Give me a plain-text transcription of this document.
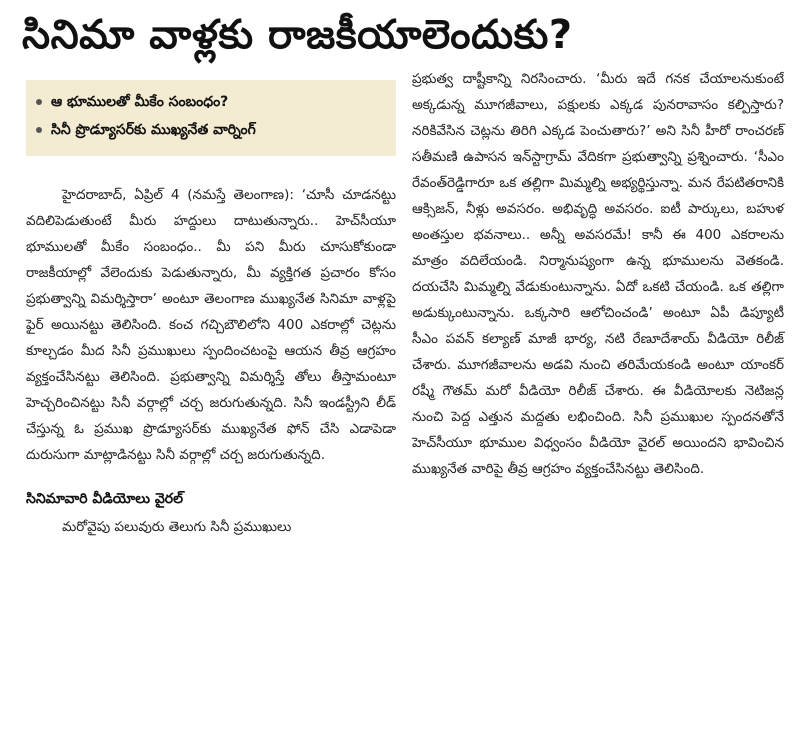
సినిమా వాళ్లకు రాజకీయాలెందుకు?
ఆ భూములతో మీకేం సంబంధం?
సినీ ప్రొడ్యూసర్‌కు ముఖ్యనేత వార్నింగ్

హైదరాబాద్, ఏప్రిల్ 4 (నమస్తే తెలంగాణ): ‘చూసీ చూడనట్టు వదిలిపెడుతుంటే మీరు హద్దులు దాటుతున్నారు.. హెచ్‌సీయూ భూములతో మీకేం సంబంధం.. మీ పని మీరు చూసుకోకుండా రాజకీయాల్లో వేలెందుకు పెడుతున్నారు, మీ వ్యక్తిగత ప్రచారం కోసం ప్రభుత్వాన్ని విమర్శిస్తారా’ అంటూ తెలంగాణ ముఖ్యనేత సినిమా వాళ్లపై ఫైర్ అయినట్టు తెలిసింది. కంచ గచ్చిబౌలిలోని 400 ఎకరాల్లో చెట్లను కూల్చడం మీద సినీ ప్రముఖులు స్పందించటంపై ఆయన తీవ్ర ఆగ్రహం వ్యక్తంచేసినట్టు తెలిసింది. ప్రభుత్వాన్ని విమర్శిస్తే తోలు తీస్తామంటూ హెచ్చరించినట్టు సినీ వర్గాల్లో చర్చ జరుగుతున్నది. సినీ ఇండస్ట్రీని లీడ్ చేస్తున్న ఓ ప్రముఖ ప్రొడ్యూసర్‌కు ముఖ్యనేత ఫోన్ చేసి ఎడాపెడా దురుసుగా మాట్లాడినట్టు సినీ వర్గాల్లో చర్చ జరుగుతున్నది.

సినిమావారి వీడియోలు వైరల్

మరోవైపు పలువురు తెలుగు సినీ ప్రముఖులు

ప్రభుత్వ దాష్టీకాన్ని నిరసించారు. ‘మీరు ఇదే గనక చేయాలనుకుంటే అక్కడున్న మూగజీవాలు, పక్షులకు ఎక్కడ పునరావాసం కల్పిస్తారు? నరికివేసిన చెట్లను తిరిగి ఎక్కడ పెంచుతారు?’ అని సినీ హీరో రాంచరణ్ సతీమణి ఉపాసన ఇన్‌స్టాగ్రామ్ వేదికగా ప్రభుత్వాన్ని ప్రశ్నించారు. ‘సీఎం రేవంత్‌రెడ్డిగారూ ఒక తల్లిగా మిమ్మల్ని అభ్యర్థిస్తున్నా. మన రేపటితరానికి ఆక్సిజన్, నీళ్లు అవసరం. అభివృద్ధి అవసరం. ఐటీ పార్కులు, బహుళ అంతస్తుల భవనాలు.. అన్నీ అవసరమే! కానీ ఈ 400 ఎకరాలను మాత్రం వదిలేయండి. నిర్మానుష్యంగా ఉన్న భూములను వెతకండి. దయచేసి మిమ్మల్ని వేడుకుంటున్నాను. ఏదో ఒకటి చేయండి. ఒక తల్లిగా అడుక్కుంటున్నాను. ఒక్కసారి ఆలోచించండి’ అంటూ ఏపీ డిప్యూటీ సీఎం పవన్ కల్యాణ్ మాజీ భార్య, నటి రేణూదేశాయ్ వీడియో రిలీజ్ చేశారు. మూగజీవాలను అడవి నుంచి తరిమేయకండి అంటూ యాంకర్ రష్మీ గౌతమ్ మరో వీడియో రిలీజ్ చేశారు. ఈ వీడియోలకు నెటిజన్ల నుంచి పెద్ద ఎత్తున మద్దతు లభించింది. సినీ ప్రముఖుల స్పందనతోనే హెచ్‌సీయూ భూముల విధ్వంసం వీడియో వైరల్ అయిందని భావించిన ముఖ్యనేత వారిపై తీవ్ర ఆగ్రహం వ్యక్తంచేసినట్టు తెలిసింది.
